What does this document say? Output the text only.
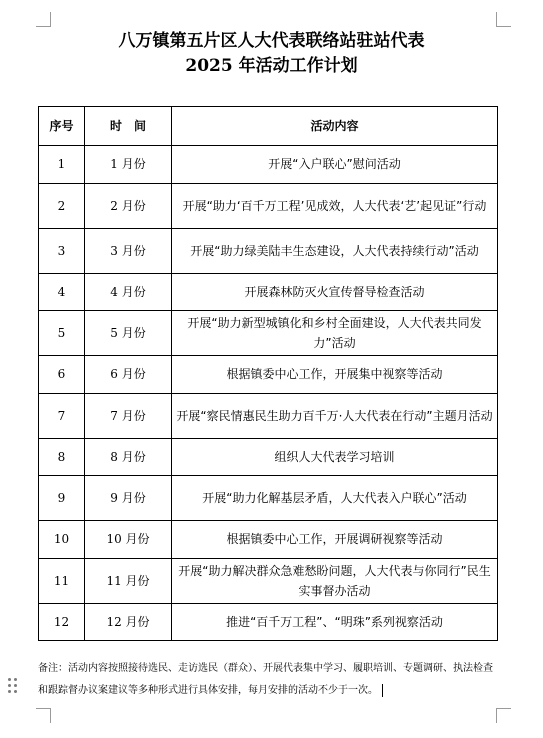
八万镇第五片区人大代表联络站驻站代表
2025 年活动工作计划
序号	时　间	活动内容
1	1 月份	开展“入户联心”慰问活动
2	2 月份	开展“助力‘百千万工程’见成效，人大代表‘艺’起见证”行动
3	3 月份	开展“助力绿美陆丰生态建设，人大代表持续行动”活动
4	4 月份	开展森林防灭火宣传督导检查活动
5	5 月份	开展“助力新型城镇化和乡村全面建设，人大代表共同发力”活动
6	6 月份	根据镇委中心工作，开展集中视察等活动
7	7 月份	开展“察民情惠民生助力百千万·人大代表在行动”主题月活动
8	8 月份	组织人大代表学习培训
9	9 月份	开展“助力化解基层矛盾，人大代表入户联心”活动
10	10 月份	根据镇委中心工作，开展调研视察等活动
11	11 月份	开展“助力解决群众急难愁盼问题，人大代表与你同行”民生实事督办活动
12	12 月份	推进“百千万工程”、“明珠”系列视察活动
备注：活动内容按照接待选民、走访选民（群众）、开展代表集中学习、履职培训、专题调研、执法检查和跟踪督办议案建议等多种形式进行具体安排，每月安排的活动不少于一次。
